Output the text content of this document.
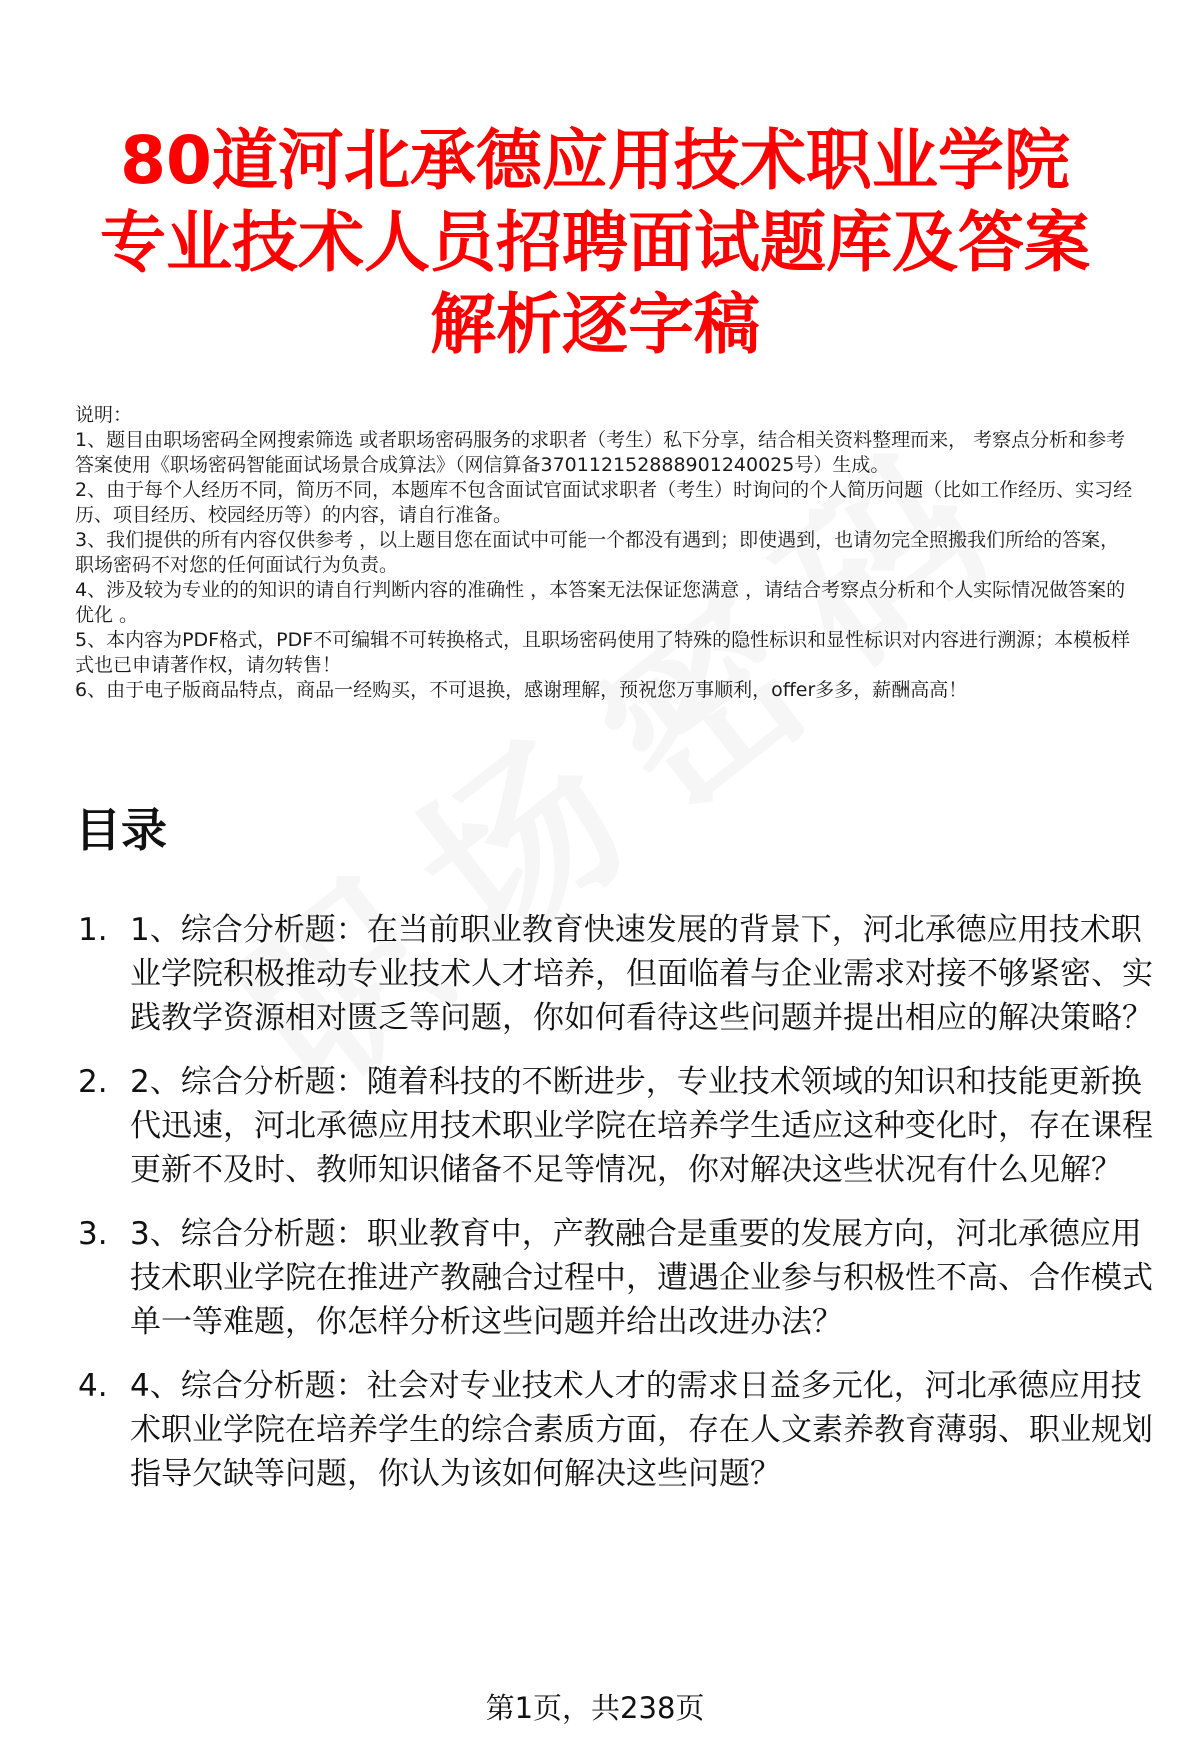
80道河北承德应用技术职业学院专业技术人员招聘面试题库及答案解析逐字稿

说明：

1、题目由职场密码全网搜索筛选 或者职场密码服务的求职者（考生）私下分享，结合相关资料整理而来， 考察点分析和参考答案使用《职场密码智能面试场景合成算法》（网信算备370112152888901240025号）生成。

2、由于每个人经历不同，简历不同，本题库不包含面试官面试求职者（考生）时询问的个人简历问题（比如工作经历、实习经历、项目经历、校园经历等）的内容，请自行准备。

3、我们提供的所有内容仅供参考 ，以上题目您在面试中可能一个都没有遇到；即使遇到，也请勿完全照搬我们所给的答案，职场密码不对您的任何面试行为负责。

4、涉及较为专业的的知识的请自行判断内容的准确性 ，本答案无法保证您满意 ，请结合考察点分析和个人实际情况做答案的优化 。

5、本内容为PDF格式，PDF不可编辑不可转换格式，且职场密码使用了特殊的隐性标识和显性标识对内容进行溯源；本模板样式也已申请著作权，请勿转售！

6、由于电子版商品特点，商品一经购买，不可退换，感谢理解，预祝您万事顺利，offer多多，薪酬高高！

目录
1. 1、综合分析题：在当前职业教育快速发展的背景下，河北承德应用技术职业学院积极推动专业技术人才培养，但面临着与企业需求对接不够紧密、实践教学资源相对匮乏等问题，你如何看待这些问题并提出相应的解决策略？
2. 2、综合分析题：随着科技的不断进步，专业技术领域的知识和技能更新换代迅速，河北承德应用技术职业学院在培养学生适应这种变化时，存在课程更新不及时、教师知识储备不足等情况，你对解决这些状况有什么见解？
3. 3、综合分析题：职业教育中，产教融合是重要的发展方向，河北承德应用技术职业学院在推进产教融合过程中，遭遇企业参与积极性不高、合作模式单一等难题，你怎样分析这些问题并给出改进办法？
4. 4、综合分析题：社会对专业技术人才的需求日益多元化，河北承德应用技术职业学院在培养学生的综合素质方面，存在人文素养教育薄弱、职业规划指导欠缺等问题，你认为该如何解决这些问题？
第1页，共238页
